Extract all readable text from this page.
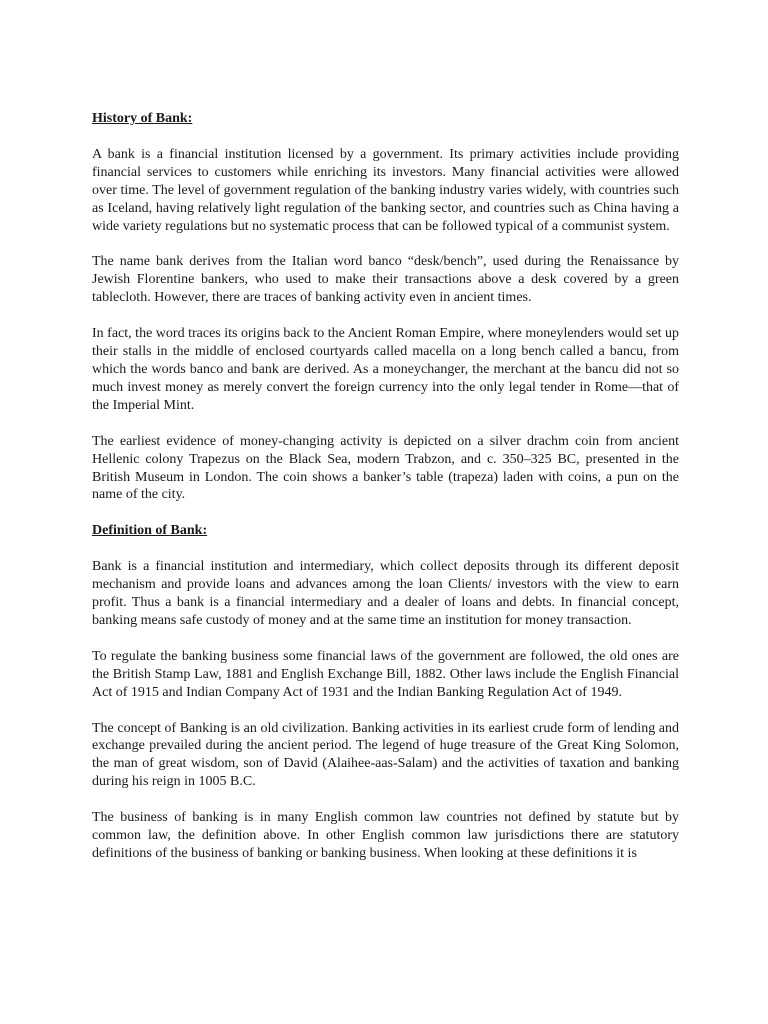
History of Bank:

A bank is a financial institution licensed by a government. Its primary activities include providing financial services to customers while enriching its investors. Many financial activities were allowed over time. The level of government regulation of the banking industry varies widely, with countries such as Iceland, having relatively light regulation of the banking sector, and countries such as China having a wide variety regulations but no systematic process that can be followed typical of a communist system.

The name bank derives from the Italian word banco “desk/bench”, used during the Renaissance by Jewish Florentine bankers, who used to make their transactions above a desk covered by a green tablecloth. However, there are traces of banking activity even in ancient times.

In fact, the word traces its origins back to the Ancient Roman Empire, where moneylenders would set up their stalls in the middle of enclosed courtyards called macella on a long bench called a bancu, from which the words banco and bank are derived. As a moneychanger, the merchant at the bancu did not so much invest money as merely convert the foreign currency into the only legal tender in Rome—that of the Imperial Mint.

The earliest evidence of money-changing activity is depicted on a silver drachm coin from ancient Hellenic colony Trapezus on the Black Sea, modern Trabzon, and c. 350–325 BC, presented in the British Museum in London. The coin shows a banker’s table (trapeza) laden with coins, a pun on the name of the city.

Definition of Bank:

Bank is a financial institution and intermediary, which collect deposits through its different deposit mechanism and provide loans and advances among the loan Clients/ investors with the view to earn profit. Thus a bank is a financial intermediary and a dealer of loans and debts. In financial concept, banking means safe custody of money and at the same time an institution for money transaction.

To regulate the banking business some financial laws of the government are followed, the old ones are the British Stamp Law, 1881 and English Exchange Bill, 1882. Other laws include the English Financial Act of 1915 and Indian Company Act of 1931 and the Indian Banking Regulation Act of 1949.

The concept of Banking is an old civilization. Banking activities in its earliest crude form of lending and exchange prevailed during the ancient period. The legend of huge treasure of the Great King Solomon, the man of great wisdom, son of David (Alaihee-aas-Salam) and the activities of taxation and banking during his reign in 1005 B.C.

The business of banking is in many English common law countries not defined by statute but by common law, the definition above. In other English common law jurisdictions there are statutory definitions of the business of banking or banking business. When looking at these definitions it is
